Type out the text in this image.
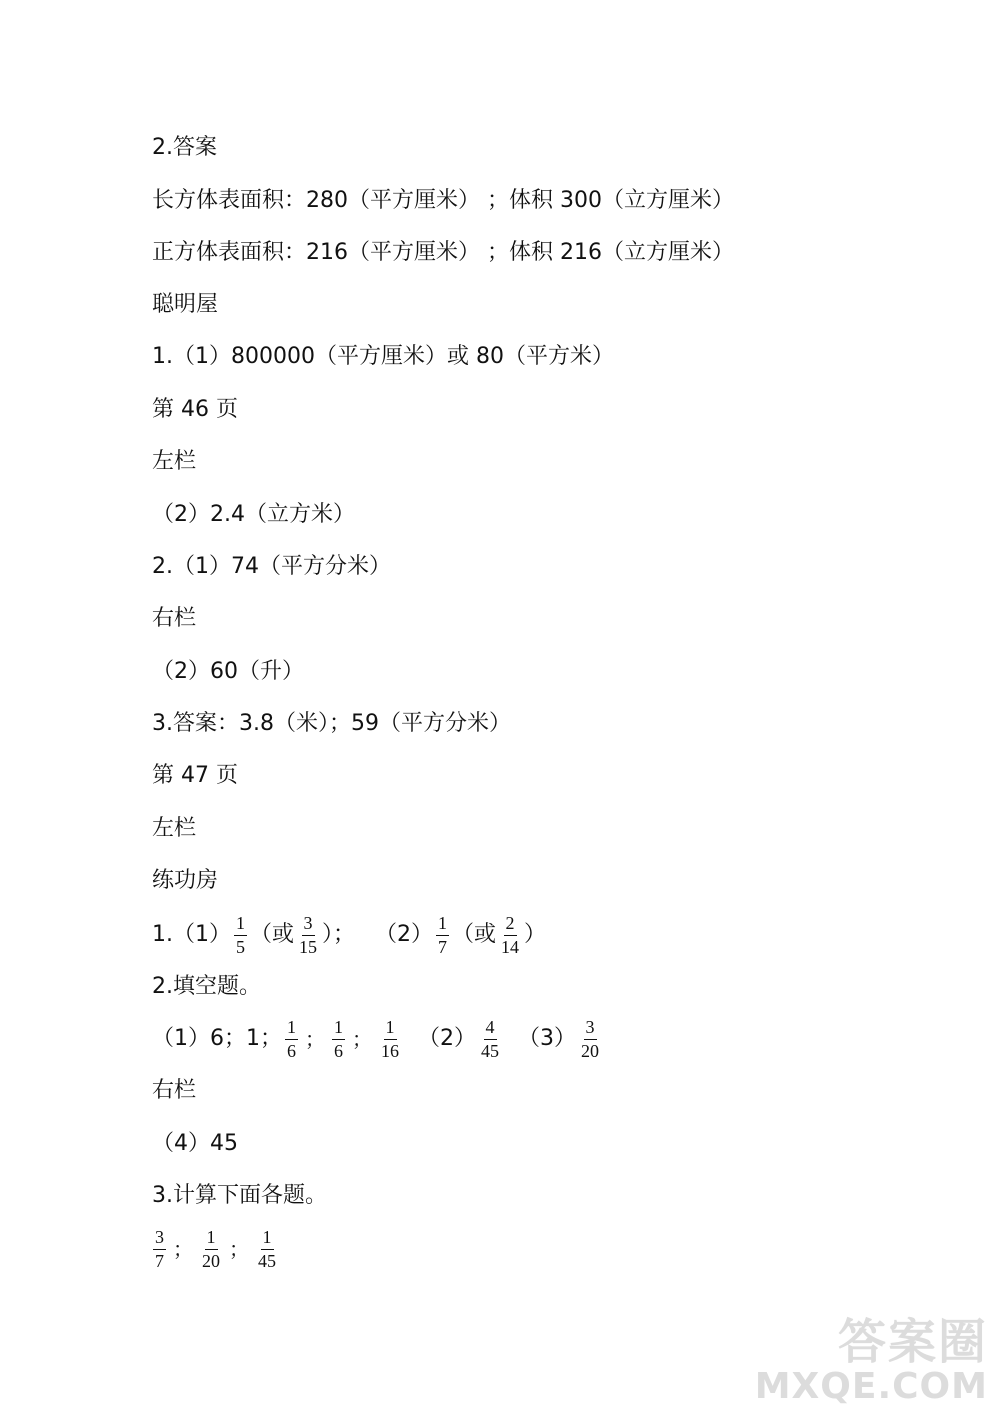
2.答案
长方体表面积：280（平方厘米） ；体积 300（立方厘米）
正方体表面积：216（平方厘米） ；体积 216（立方厘米）
聪明屋
1.（1）800000（平方厘米）或 80（平方米）
第 46 页
左栏
（2）2.4（立方米）
2.（1）74（平方分米）
右栏
（2）60（升）
3.答案：3.8（米）；59（平方分米）
第 47 页
左栏
练功房
$1.(1) \frac{1}{5}$ （或 $\frac{3}{15}$ ）； $(2) \frac{1}{7}$ （或 $\frac{2}{14}$ ）
2.填空题。
（1）6；1； $\frac{1}{6}$ ； $\frac{1}{6}$ ； $\frac{1}{16} (2) \frac{4}{45} (3) \frac{3}{20}$
右栏
（4）45
3.计算下面各题。
$\frac{3}{7}$ ； $\frac{1}{20}$ ； $\frac{1}{45}$
答案圈
MXQE.COM
